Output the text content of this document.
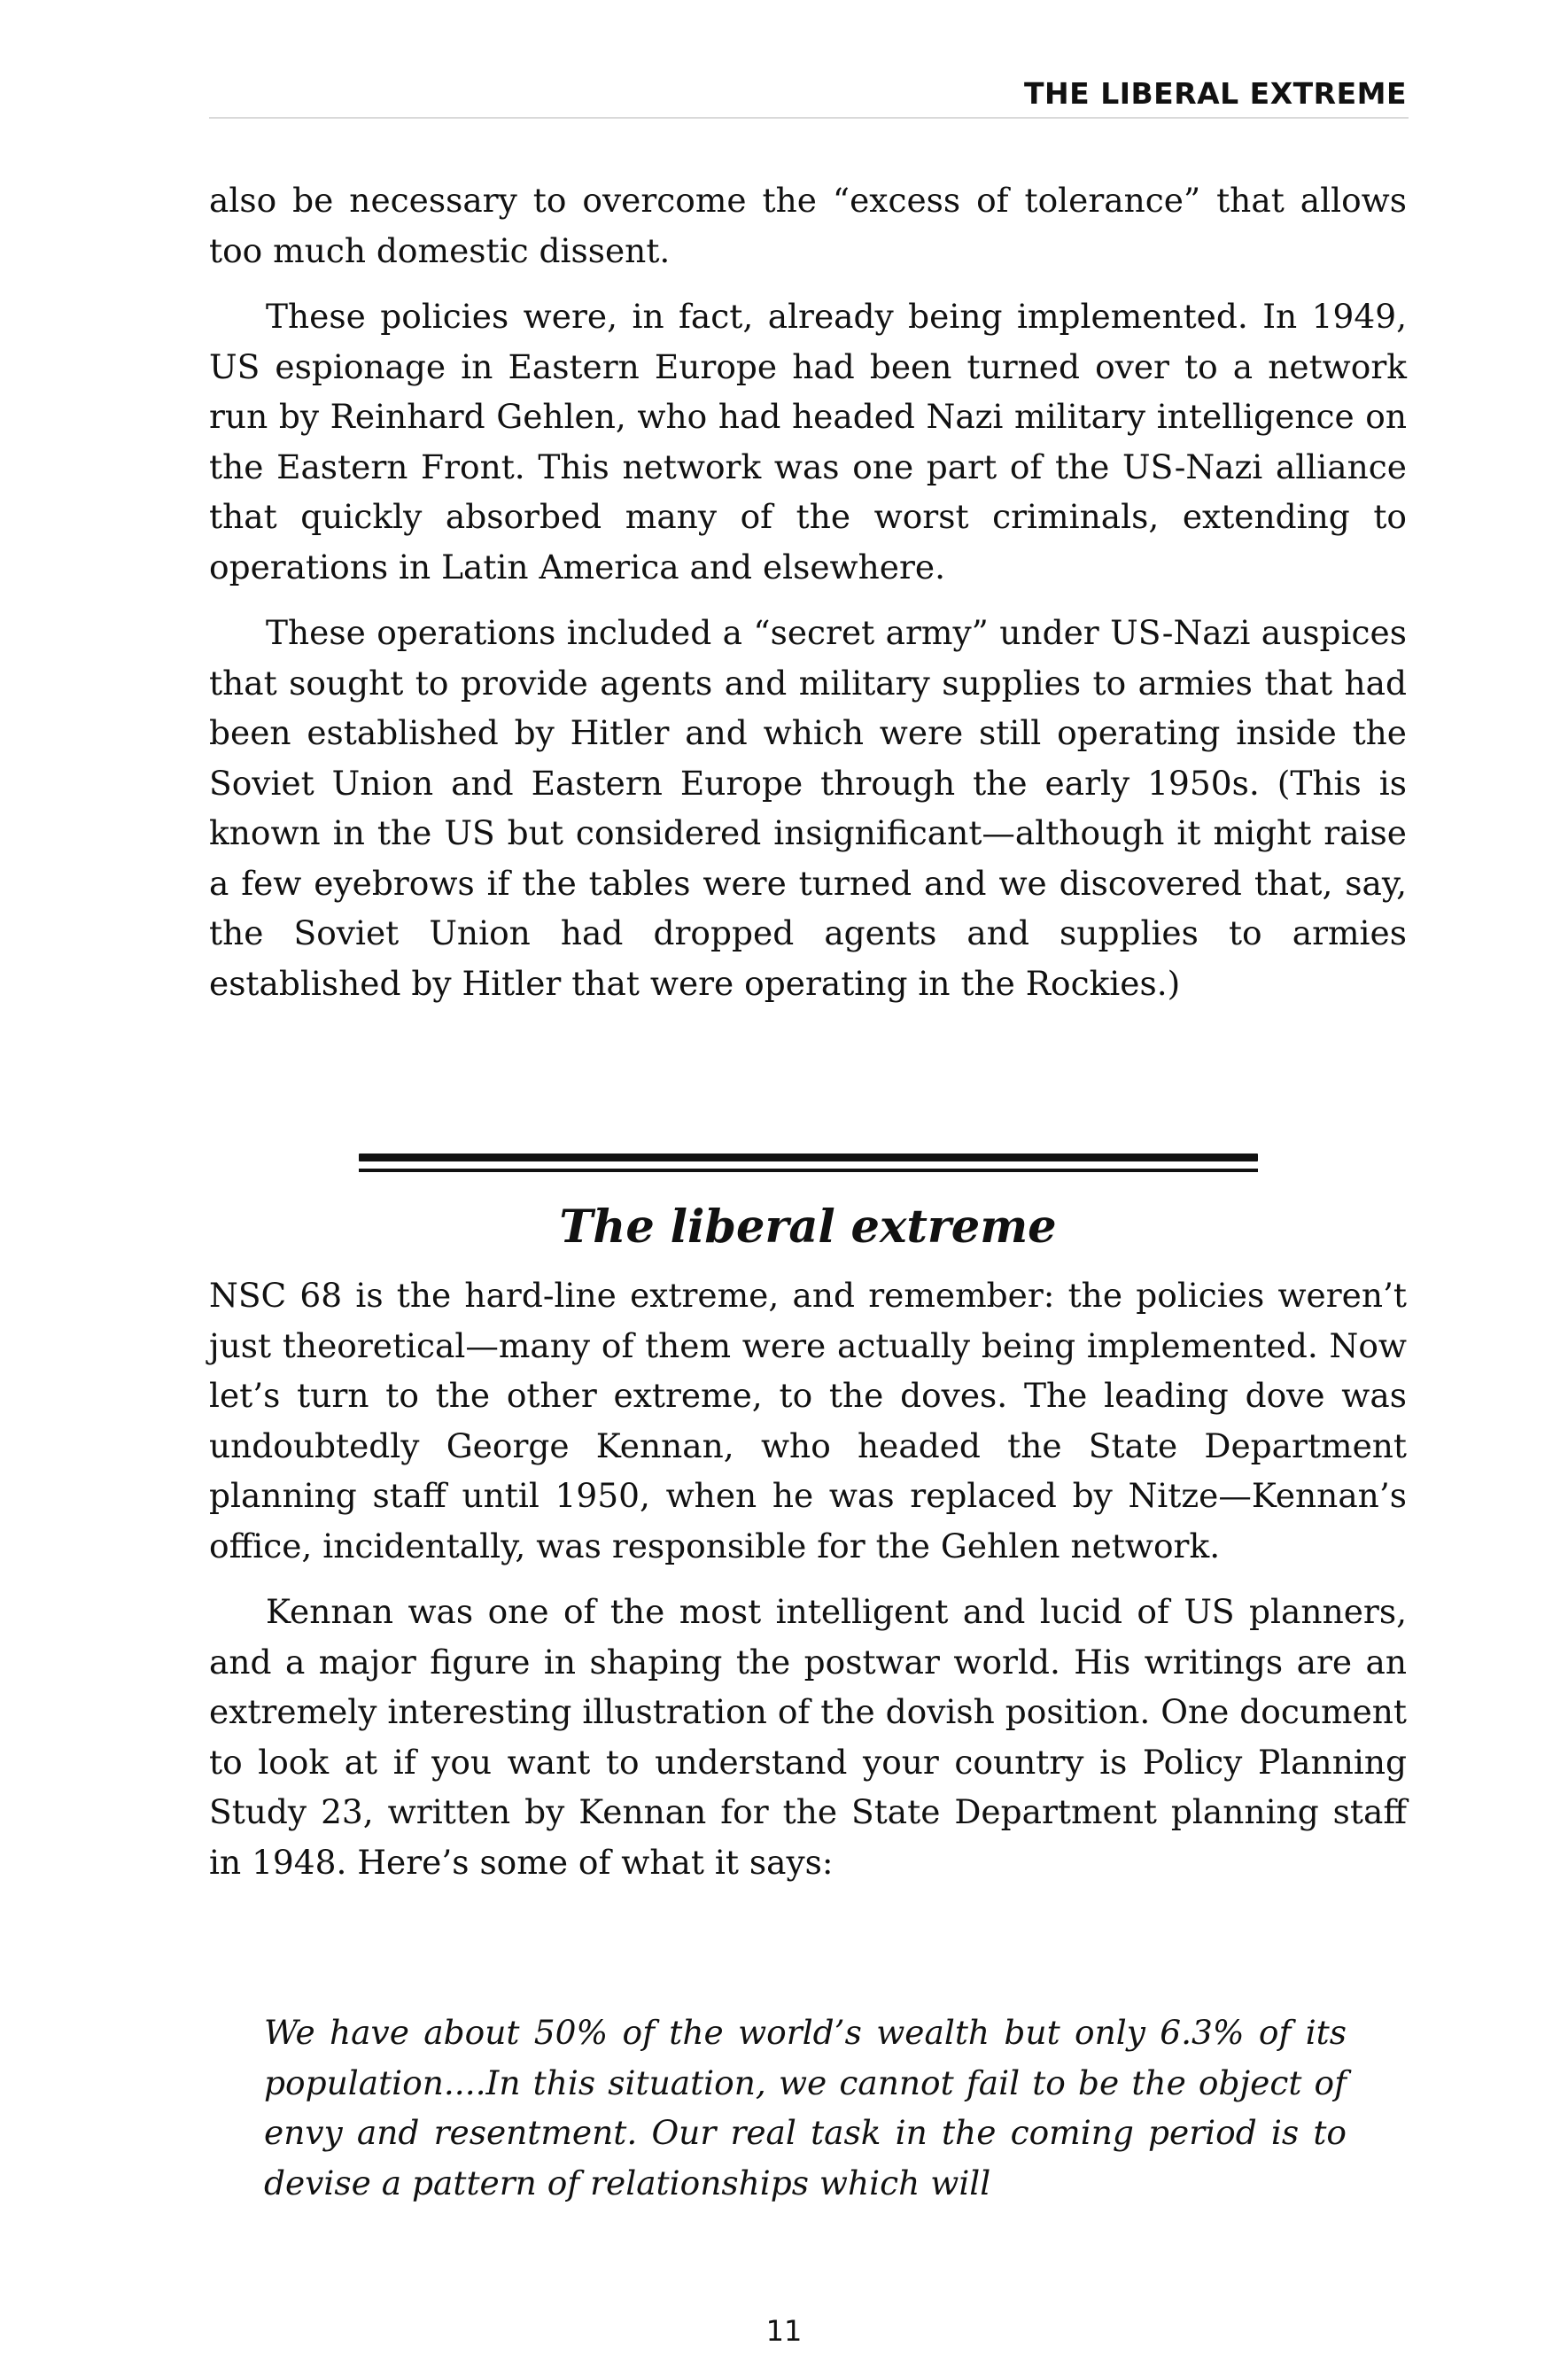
THE LIBERAL EXTREME

also be necessary to overcome the “excess of tolerance” that allows too much domestic dissent.

These policies were, in fact, already being implemented. In 1949, US espionage in Eastern Europe had been turned over to a network run by Reinhard Gehlen, who had headed Nazi military intelligence on the Eastern Front. This network was one part of the US-Nazi alliance that quickly absorbed many of the worst criminals, extending to operations in Latin America and elsewhere.

These operations included a “secret army” under US-Nazi auspices that sought to provide agents and military supplies to armies that had been established by Hitler and which were still operating inside the Soviet Union and Eastern Europe through the early 1950s. (This is known in the US but considered insignificant—although it might raise a few eyebrows if the tables were turned and we discovered that, say, the Soviet Union had dropped agents and supplies to armies established by Hitler that were operating in the Rockies.)

The liberal extreme

NSC 68 is the hard-line extreme, and remember: the policies weren’t just theoretical—many of them were actually being implemented. Now let’s turn to the other extreme, to the doves. The leading dove was undoubtedly George Kennan, who headed the State Department planning staff until 1950, when he was replaced by Nitze—Kennan’s office, incidentally, was responsible for the Gehlen network.

Kennan was one of the most intelligent and lucid of US planners, and a major figure in shaping the postwar world. His writings are an extremely interesting illustration of the dovish position. One document to look at if you want to understand your country is Policy Planning Study 23, written by Kennan for the State Department planning staff in 1948. Here’s some of what it says:

We have about 50% of the world’s wealth but only 6.3% of its population....In this situation, we cannot fail to be the object of envy and resentment. Our real task in the coming period is to devise a pattern of relationships which will

11
